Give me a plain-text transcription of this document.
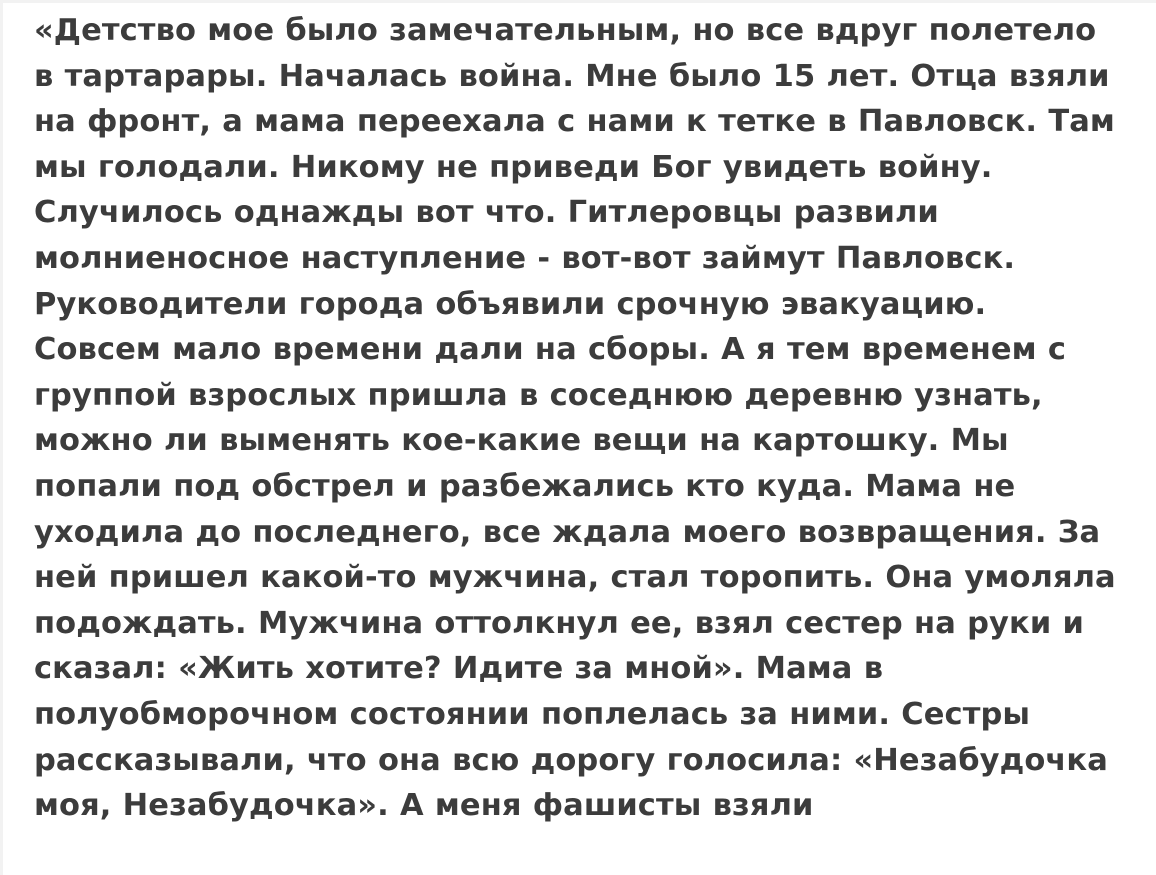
«Детство мое было замечательным, но все вдруг полетело в тартарары. Началась война. Мне было 15 лет. Отца взяли на фронт, а мама переехала с нами к тетке в Павловск. Там мы голодали. Никому не приведи Бог увидеть войну. Случилось однажды вот что. Гитлеровцы развили молниеносное наступление - вот-вот займут Павловск. Руководители города объявили срочную эвакуацию. Совсем мало времени дали на сборы. А я тем временем с группой взрослых пришла в соседнюю деревню узнать, можно ли выменять кое-какие вещи на картошку. Мы попали под обстрел и разбежались кто куда. Мама не уходила до последнего, все ждала моего возвращения. За ней пришел какой-то мужчина, стал торопить. Она умоляла подождать. Мужчина оттолкнул ее, взял сестер на руки и сказал: «Жить хотите? Идите за мной». Мама в полуобморочном состоянии поплелась за ними. Сестры рассказывали, что она всю дорогу голосила: «Незабудочка моя, Незабудочка». А меня фашисты взяли
